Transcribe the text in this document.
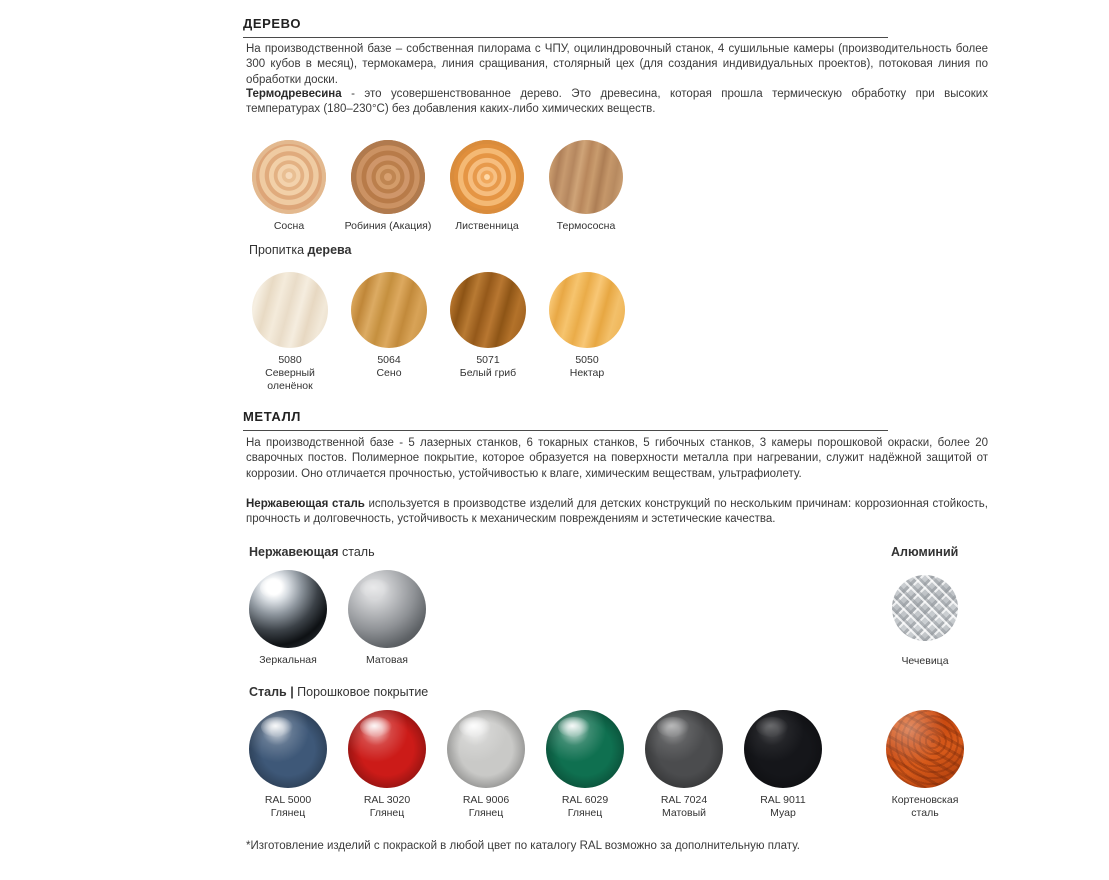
ДЕРЕВО
На производственной базе – собственная пилорама с ЧПУ, оцилиндровочный станок, 4 сушильные камеры (производительность более 300 кубов в месяц), термокамера, линия сращивания, столярный цех (для создания индивидуальных проектов), потоковая линия по обработки доски.
Термодревесина - это усовершенствованное дерево. Это древесина, которая прошла термическую обработку при высоких температурах (180–230°С) без добавления каких-либо химических веществ.
Сосна	Робиния (Акация)	Лиственница	Термососна
Пропитка дерева
5080
Северный
оленёнок
5064
Сено
5071
Белый гриб
5050
Нектар
МЕТАЛЛ
На производственной базе - 5 лазерных станков, 6 токарных станков, 5 гибочных станков, 3 камеры порошковой окраски, более 20 сварочных постов. Полимерное покрытие, которое образуется на поверхности металла при нагревании, служит надёжной защитой от коррозии. Оно отличается прочностью, устойчивостью к влаге, химическим веществам, ультрафиолету.
Нержавеющая сталь используется в производстве изделий для детских конструкций по нескольким причинам: коррозионная стойкость, прочность и долговечность, устойчивость к механическим повреждениям и эстетические качества.
Нержавеющая сталь	Алюминий
Зеркальная	Матовая	Чечевица
Сталь | Порошковое покрытие
RAL 5000
Глянец
RAL 3020
Глянец
RAL 9006
Глянец
RAL 6029
Глянец
RAL 7024
Матовый
RAL 9011
Муар
Кортеновская
сталь
*Изготовление изделий с покраской в любой цвет по каталогу RAL возможно за дополнительную плату.
